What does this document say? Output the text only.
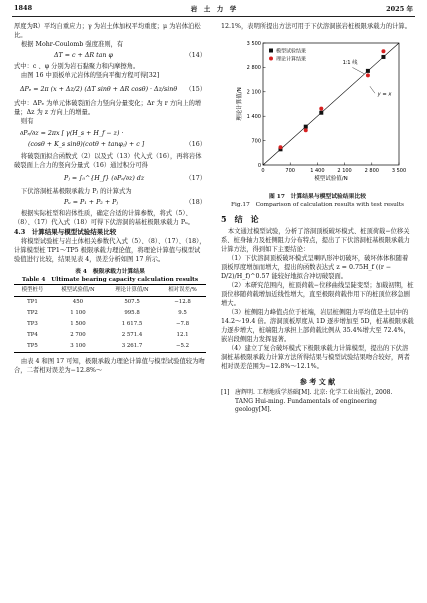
1848	岩　土　力　学	2025 年

厚度为R）平均自重应力；γ 为岩土体加权平均重度；μ 为岩体泊松比。

根据 Mohr-Coulomb 强度准则，有

ΔT = c + ΔR tan φ	（14）

式中：c 、φ 分别为岩石黏聚力和内摩擦角。

由图 16 中顶板单元岩体的竖向平衡方程可得[32]

ΔPₑ = 2π (x + Δz/2) (ΔT sinθ + ΔR cosθ) · Δz/sinθ （15）

式中：ΔPₑ 为单元体破裂面合力竖向分量变化；Δr 为 r 方向上的增量；Δz 为 z 方向上的增量。

则有

∂Pₑ/∂z = 2πx [ γ(H_s + H_f − z) ·
(cosθ + K_s sinθ)(cotθ + tanφⱼ) + c ]	（16）

将破裂面拟合函数式（2）以及式（13）代入式（16），再将岩体破裂面上合力的竖向分量式（16）通过积分可得

Pⱼ = ∫₀^{H_f} (∂Pₑ/∂z) dz	（17）

下伏溶洞桩基极限承载力 Pⱼ 的计算式为

Pᵤ = P₁ + P₂ + Pⱼ	（18）

根据实际桩型和岩体性质，确定合适的计算参数，将式（5）、（8）、（17）代入式（18）可得下伏溶洞的基桩极限承载力 Pᵤ。

4.3　计算结果与模型试验结果比较

将模型试验桩与岩土体相关参数代入式（5）、（8）、（17）、（18），计算模型桩 TP1～TP5 极限承载力理论值，将理论计算值与模型试验值进行比较，结果见表 4，误差分析如图 17 所示。

表 4　极限承载力计算结果
Table 4　Ultimate bearing capacity calculation results
模型桩号	模型试验值/N	理论计算值/N	相对误差/%
TP1	450	507.5	−12.8
TP2	1 100	995.8	9.5
TP3	1 500	1 617.5	−7.8
TP4	2 700	2 571.4	12.1
TP5	3 100	3 261.7	−5.2

由表 4 和图 17 可知，极限承载力理论计算值与模型试验值较为吻合，二者相对误差为−12.8%～

12.1%，表明所提出方法可用于下伏溶洞嵌岩桩极限承载力的计算。

0	700	1 400	2 100	2 800	3 500
0
700
1 400
2 100
2 800
3 500
模型试验值/N
理论计算值/N
1∶1 线
y = x
模型试验结果
理论计算结果
图 17　计算结果与模型试验结果比较
Fig.17　Comparison of calculation results with test results

5　结　论

本文通过模型试验，分析了溶洞顶板破坏模式、桩顶荷载−位移关系、桩身轴力及桩侧阻力分布特点，提出了下伏溶洞桩基极限承载力计算方法，得到如下主要结论：

（1）下伏溶洞顶板破坏模式呈喇叭形冲切破坏，破坏体体积随着顶板厚度增加而增大，提出的函数表达式 z = 0.75H_f ((r − D/2)/H_f)^0.57 能较好地拟合冲切破裂面。

（2）本研究范围内，桩顶荷载−位移曲线呈陡变型；加载初期，桩顶位移随荷载增加近线性增大，直至极限荷载作用下的桩顶位移急剧增大。

（3）桩侧阻力峰值点位于桩端，岩层桩侧阻力平均值是土层中的 14.2～19.4 倍。溶洞顶板厚度从 1D 逐步增加至 5D，桩基极限承载力逐步增大，桩端阻力承担上部荷载比例从 35.4%增大至 72.4%，嵌岩段侧阻力发挥显著。

（4）建立了复合破坏模式下极限承载力计算模型，提出的下伏溶洞桩基极限承载力计算方法所得结果与模型试验结果吻合较好，两者相对误差范围为−12.8%～12.1%。

参 考 文 献

[1] 唐辉明. 工程地质学基础[M]. 北京: 化学工业出版社, 2008.
TANG Hui-ming. Fundamentals of engineering geology[M].
